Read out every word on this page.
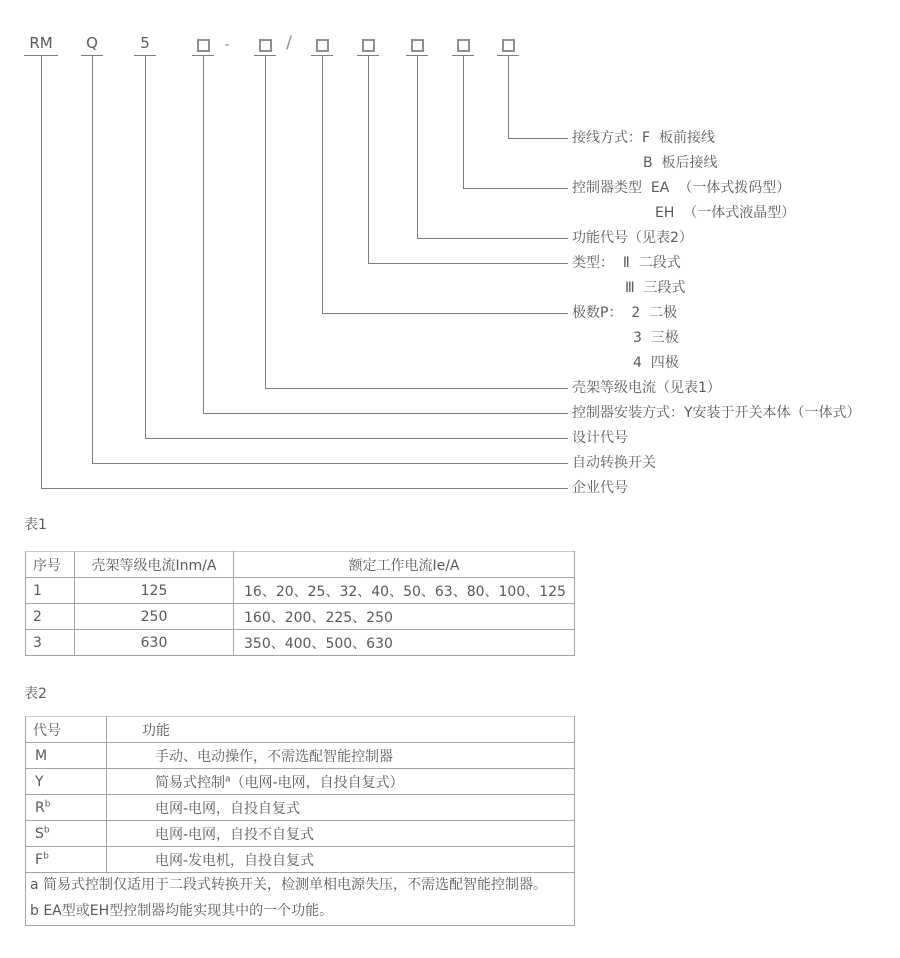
RM	Q	5	-	/
接线方式：F  板前接线
B  板后接线
控制器类型  EA  （一体式拨码型）
EH  （一体式液晶型）
功能代号（见表2）
类型：  Ⅱ  二段式
Ⅲ  三段式
极数P：  2  二极
3  三极
4  四极
壳架等级电流（见表1）
控制器安装方式：Y安装于开关本体（一体式）
设计代号
自动转换开关
企业代号
表1
序号	壳架等级电流Inm/A	额定工作电流Ie/A
1	125	16、20、25、32、40、50、63、80、100、125
2	250	160、200、225、250
3	630	350、400、500、630
表2
代号	功能
M	手动、电动操作，不需选配智能控制器
Y	简易式控制$^a$（电网-电网，自投自复式）
$R^b$	电网-电网，自投自复式
$S^b$	电网-电网，自投不自复式
$F^b$	电网-发电机，自投自复式

a 简易式控制仅适用于二段式转换开关，检测单相电源失压，不需选配智能控制器。
b EA型或EH型控制器均能实现其中的一个功能。	
